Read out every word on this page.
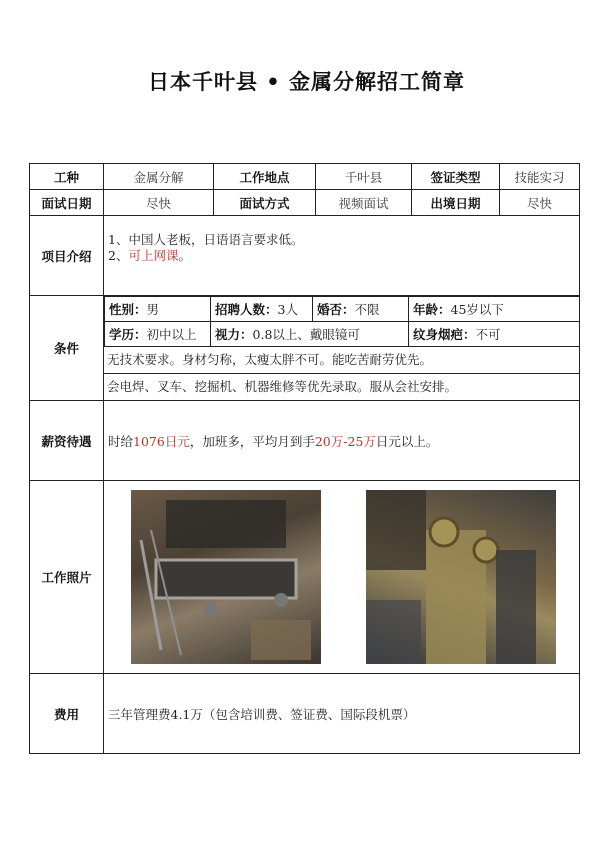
日本千叶县 • 金属分解招工简章
工种	金属分解	工作地点	千叶县	签证类型	技能实习
面试日期	尽快	面试方式	视频面试	出境日期	尽快
项目介绍	
1、中国人老板，日语语言要求低。
2、可上网课。

条件	
性别：男	招聘人数：3人	婚否：不限	年龄：45岁以下
学历：初中以上	视力：0.8以上、戴眼镜可	纹身烟疤：不可
无技术要求。身材匀称，太瘦太胖不可。能吃苦耐劳优先。
会电焊、叉车、挖掘机、机器维修等优先录取。服从会社安排。

薪资待遇	时给1076日元，加班多，平均月到手20万-25万日元以上。
工作照片	

费用	三年管理费4.1万（包含培训费、签证费、国际段机票）
